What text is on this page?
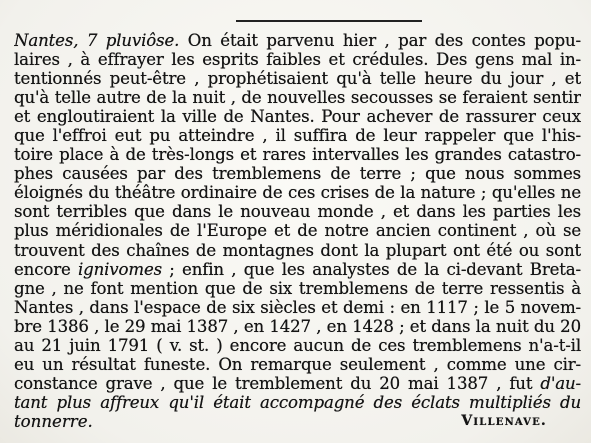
Nantes, 7 pluviôse. On était parvenu hier , par des contes popu-
laires , à effrayer les esprits faibles et crédules. Des gens mal in-
tentionnés peut-être , prophétisaient qu'à telle heure du jour , et
qu'à telle autre de la nuit , de nouvelles secousses se feraient sentir
et engloutiraient la ville de Nantes. Pour achever de rassurer ceux
que l'effroi eut pu atteindre , il suffira de leur rappeler que l'his-
toire place à de très-longs et rares intervalles les grandes catastro-
phes causées par des tremblemens de terre ; que nous sommes
éloignés du théâtre ordinaire de ces crises de la nature ; qu'elles ne
sont terribles que dans le nouveau monde , et dans les parties les
plus méridionales de l'Europe et de notre ancien continent , où se
trouvent des chaînes de montagnes dont la plupart ont été ou sont
encore ignivomes ; enfin , que les analystes de la ci-devant Breta-
gne , ne font mention que de six tremblemens de terre ressentis à
Nantes , dans l'espace de six siècles et demi : en 1117 ; le 5 novem-
bre 1386 , le 29 mai 1387 , en 1427 , en 1428 ; et dans la nuit du 20
au 21 juin 1791 ( v. st. ) encore aucun de ces tremblemens n'a-t-il
eu un résultat funeste. On remarque seulement , comme une cir-
constance grave , que le tremblement du 20 mai 1387 , fut d'au-
tant plus affreux qu'il était accompagné des éclats multipliés du
tonnerre.	Villenave.
